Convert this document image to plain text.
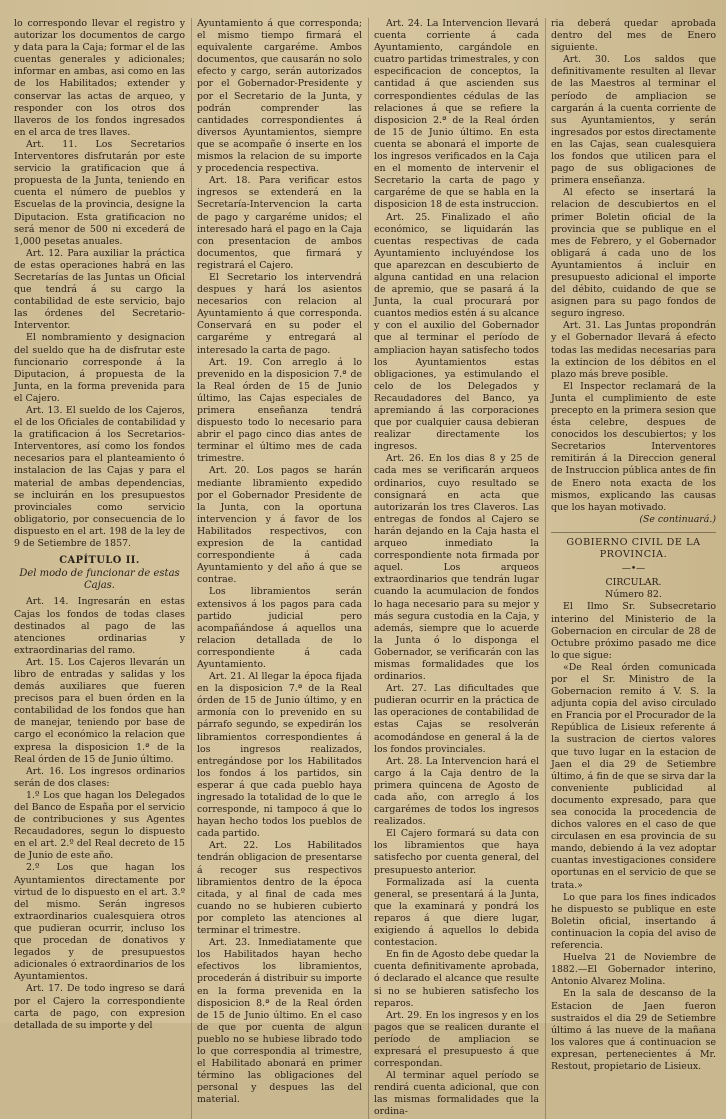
lo correspondo llevar el registro y autorizar los documentos de cargo y data para la Caja; formar el de las cuentas generales y adicionales; informar en ambas, asi como en las de los Habilitados; extender y conservar las actas de arqueo, y responder con los otros dos llaveros de los fondos ingresados en el arca de tres llaves.

Art. 11. Los Secretarios Interventores disfrutarán por este servicio la gratificacion que á propuesta de la Junta, teniendo en cuenta el número de pueblos y Escuelas de la provincia, designe la Diputacion. Esta gratificacion no será menor de 500 ni excederá de 1,000 pesetas anuales.

Art. 12. Para auxiliar la práctica de estas operaciones habrá en las Secretarías de las Juntas un Oficial que tendrá á su cargo la contabilidad de este servicio, bajo las órdenes del Secretario-Interventor.

El nombramiento y designacion del sueldo que ha de disfrutar este funcionario corresponde á la Diputacion, á propuesta de la Junta, en la forma prevenida para el Cajero.

Art. 13. El sueldo de los Cajeros, el de los Oficiales de contabilidad y la gratificacion á los Secretarios-Interventores, así como los fondos necesarios para el planteamiento ó instalacion de las Cajas y para el material de ambas dependencias, se incluirán en los presupuestos provinciales como servicio obligatorio, por consecuencia de lo dispuesto en el art. 198 de la ley de 9 de Setiembre de 1857.

CAPÍTULO II.
Del modo de funcionar de estas Cajas.

Art. 14. Ingresarán en estas Cajas los fondos de todas clases destinados al pago de las atenciones ordinarias y extraordinarias del ramo.

Art. 15. Los Cajeros llevarán un libro de entradas y salidas y los demás auxiliares que fueren precisos para el buen órden en la contabilidad de los fondos que han de manejar, teniendo por base de cargo el económico la relacion que expresa la disposicion 1.ª de la Real órden de 15 de Junio último.

Art. 16. Los ingresos ordinarios serán de dos clases:

1.º Los que hagan los Delegados del Banco de España por el servicio de contribuciones y sus Agentes Recaudadores, segun lo dispuesto en el art. 2.º del Real decreto de 15 de Junio de este año.

2.º Los que hagan los Ayuntamientos directamente por virtud de lo dispuesto en el art. 3.º del mismo. Serán ingresos extraordinarios cualesquiera otros que pudieran ocurrir, incluso los que procedan de donativos y legados y de presupuestos adicionales ó extraordinarios de los Ayuntamientos.

Art. 17. De todo ingreso se dará por el Cajero la correspondiente carta de pago, con expresion detallada de su importe y del

Ayuntamiento á que corresponda; el mismo tiempo firmará el equivalente cargaréme. Ambos documentos, que causarán no solo efecto y cargo, serán autorizados por el Gobernador-Presidente y por el Secretario de la Junta, y podrán comprender las cantidades correspondientes á diversos Ayuntamientos, siempre que se acompañe ó inserte en los mismos la relacion de su importe y procedencia respectiva.

Art. 18. Para verificar estos ingresos se extenderá en la Secretaría-Intervencion la carta de pago y cargaréme unidos; el interesado hará el pago en la Caja con presentacion de ambos documentos, que firmará y registrará el Cajero.

El Secretario los intervendrá despues y hará los asientos necesarios con relacion al Ayuntamiento á que corresponda. Conservará en su poder el cargaréme y entregará al interesado la carta de pago.

Art. 19. Con arreglo á lo prevenido en la disposicion 7.ª de la Real órden de 15 de Junio último, las Cajas especiales de primera enseñanza tendrá dispuesto todo lo necesario para abrir el pago cinco dias antes de terminar el último mes de cada trimestre.

Art. 20. Los pagos se harán mediante libramiento expedido por el Gobernador Presidente de la Junta, con la oportuna intervencion y á favor de los Habilitados respectivos, con expresion de la cantidad correspondiente á cada Ayuntamiento y del año á que se contrae.

Los libramientos serán extensivos á los pagos para cada partido judicial pero acompañándose á aquellos una relacion detallada de lo correspondiente á cada Ayuntamiento.

Art. 21. Al llegar la época fijada en la disposicion 7.ª de la Real órden de 15 de Junio último, y en armonía con lo prevenido en su párrafo segundo, se expedirán los libramientos correspondientes á los ingresos realizados, entregándose por los Habilitados los fondos á los partidos, sin esperar á que cada pueblo haya ingresado la totalidad de lo que le corresponde, ni tampoco á que lo hayan hecho todos los pueblos de cada partido.

Art. 22. Los Habilitados tendrán obligacion de presentarse á recoger sus respectivos libramientos dentro de la época citada, y al final de cada mes cuando no se hubieren cubierto por completo las atenciones al terminar el trimestre.

Art. 23. Inmediatamente que los Habilitados hayan hecho efectivos los libramientos, procederán á distribuir su importe en la forma prevenida en la disposicion 8.ª de la Real órden de 15 de Junio último. En el caso de que por cuenta de algun pueblo no se hubiese librado todo lo que correspondia al trimestre, el Habilitado abonará en primer término las obligaciones del personal y despues las del material.

Art. 24. La Intervencion llevará cuenta corriente á cada Ayuntamiento, cargándole en cuatro partidas trimestrales, y con especificacion de conceptos, la cantidad á que ascienden sus correspondientes cédulas de las relaciones á que se refiere la disposicion 2.ª de la Real órden de 15 de Junio último. En esta cuenta se abonará el importe de los ingresos verificados en la Caja en el momento de intervenir el Secretario la carta de pago y cargaréme de que se habla en la disposicion 18 de esta instruccion.

Art. 25. Finalizado el año económico, se liquidarán las cuentas respectivas de cada Ayuntamiento incluyéndose los que aparezcan en descubierto de alguna cantidad en una relacion de apremio, que se pasará á la Junta, la cual procurará por cuantos medios estén á su alcance y con el auxilio del Gobernador que al terminar el período de ampliacion hayan satisfecho todos los Ayuntamientos estas obligaciones, ya estimulando el celo de los Delegados y Recaudadores del Banco, ya apremiando á las corporaciones que por cualquier causa debieran realizar directamente los ingresos.

Art. 26. En los dias 8 y 25 de cada mes se verificarán arqueos ordinarios, cuyo resultado se consignará en acta que autorizarán los tres Claveros. Las entregas de fondos al Cajero se harán dejando en la Caja hasta el arqueo inmediato la correspondiente nota firmada por aquel. Los arqueos extraordinarios que tendrán lugar cuando la acumulacion de fondos lo haga necesario para su mejor y más segura custodia en la Caja, y además, siempre que lo acuerde la Junta ó lo disponga el Gobernador, se verificarán con las mismas formalidades que los ordinarios.

Art. 27. Las dificultades que pudieran ocurrir en la práctica de las operaciones de contabilidad de estas Cajas se resolverán acomodándose en general á la de los fondos provinciales.

Art. 28. La Intervencion hará el cargo á la Caja dentro de la primera quincena de Agosto de cada año, con arreglo á los cargarémes de todos los ingresos realizados.

El Cajero formará su data con los libramientos que haya satisfecho por cuenta general, del presupuesto anterior.

Formalizada así la cuenta general, se presentará á la Junta, que la examinará y pondrá los reparos á que diere lugar, exigiendo á aquellos lo debida contestacion.

En fin de Agosto debe quedar la cuenta definitivamente aprobada, ó declarado el alcance que resulte si no se hubieren satisfecho los reparos.

Art. 29. En los ingresos y en los pagos que se realicen durante el período de ampliacion se expresará el presupuesto á que correspondan.

Al terminar aquel período se rendirá cuenta adicional, que con las mismas formalidades que la ordina-

ria deberá quedar aprobada dentro del mes de Enero siguiente.

Art. 30. Los saldos que definitivamente resulten al llevar de las Maestros al terminar el período de ampliacion se cargarán á la cuenta corriente de sus Ayuntamientos, y serán ingresados por estos directamente en las Cajas, sean cualesquiera los fondos que utilicen para el pago de sus obligaciones de primera enseñanza.

Al efecto se insertará la relacion de descubiertos en el primer Boletin oficial de la provincia que se publique en el mes de Febrero, y el Gobernador obligará á cada uno de los Ayuntamientos á incluir en presupuesto adicional el importe del débito, cuidando de que se asignen para su pago fondos de seguro ingreso.

Art. 31. Las Juntas propondrán y el Gobernador llevará á efecto todas las medidas necesarias para la extincion de los débitos en el plazo más breve posible.

El Inspector reclamará de la Junta el cumplimiento de este precepto en la primera sesion que ésta celebre, despues de conocidos los descubiertos; y los Secretarios Interventores remitirán á la Direccion general de Instruccion pública antes de fin de Enero nota exacta de los mismos, explicando las causas que los hayan motivado.

(Se continuará.)

GOBIERNO CIVIL DE LA PROVINCIA.
—•—

CIRCULAR.

Número 82.

El Ilmo Sr. Subsecretario interino del Ministerio de la Gobernacion en circular de 28 de Octubre próximo pasado me dice lo que sigue:

«De Real órden comunicada por el Sr. Ministro de la Gobernacion remito á V. S. la adjunta copia del aviso circulado en Francia por el Procurador de la República de Lisieux referente á la sustracion de ciertos valores que tuvo lugar en la estacion de Jaen el dia 29 de Setiembre último, á fin de que se sirva dar la conveniente publicidad al documento expresado, para que sea conocida la procedencia de dichos valores en el caso de que circulasen en esa provincia de su mando, debiendo á la vez adoptar cuantas investigaciones considere oportunas en el servicio de que se trata.»

Lo que para los fines indicados he dispuesto se publique en este Boletin oficial, insertando á continuacion la copia del aviso de referencia.

Huelva 21 de Noviembre de 1882.—El Gobernador interino, Antonio Alvarez Molina.

En la sala de descanso de la Estacion de Jaen fueron sustraidos el dia 29 de Setiembre último á las nueve de la mañana los valores que á continuacion se expresan, pertenecientes á Mr. Restout, propietario de Lisieux.
